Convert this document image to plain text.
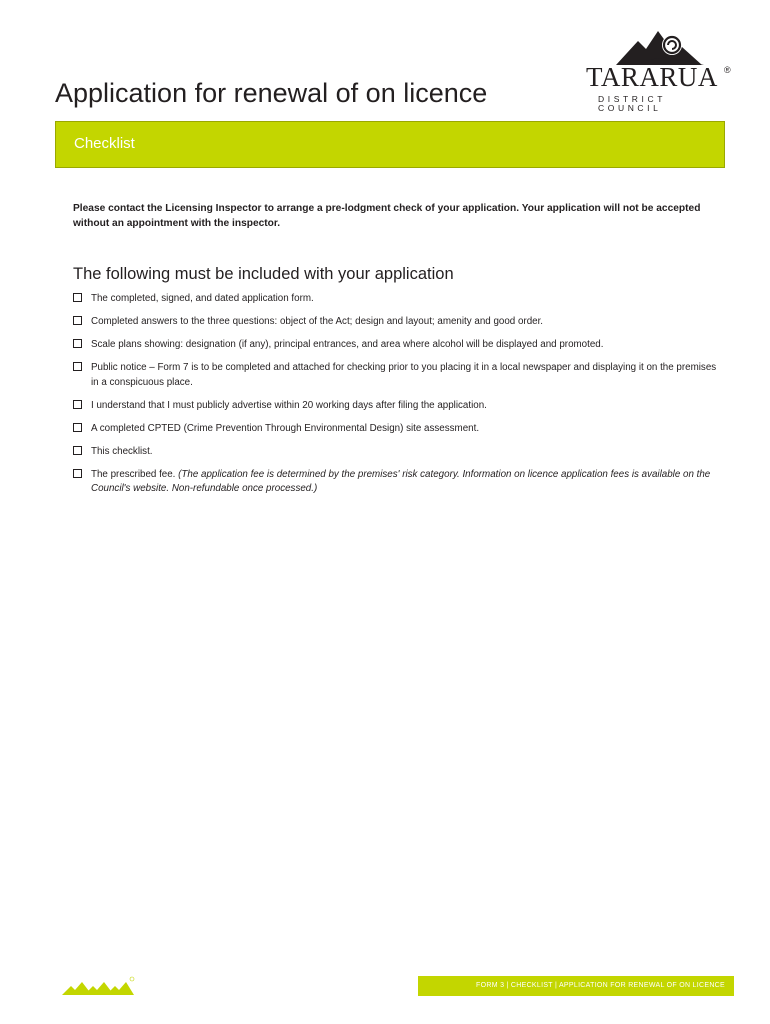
TARARUA ®
DISTRICT COUNCIL
Application for renewal of on licence
Checklist

Please contact the Licensing Inspector to arrange a pre-lodgment check of your application. Your application will not be accepted without an appointment with the inspector.

The following must be included with your application
The completed, signed, and dated application form.
Completed answers to the three questions: object of the Act; design and layout; amenity and good order.
Scale plans showing: designation (if any), principal entrances, and area where alcohol will be displayed and promoted.
Public notice – Form 7 is to be completed and attached for checking prior to you placing it in a local newspaper and displaying it on the premises in a conspicuous place.
I understand that I must publicly advertise within 20 working days after filing the application.
A completed CPTED (Crime Prevention Through Environmental Design) site assessment.
This checklist.
The prescribed fee. (The application fee is determined by the premises' risk category. Information on licence application fees is available on the Council's website. Non-refundable once processed.)
FORM 3 | CHECKLIST | APPLICATION FOR RENEWAL OF ON LICENCE
